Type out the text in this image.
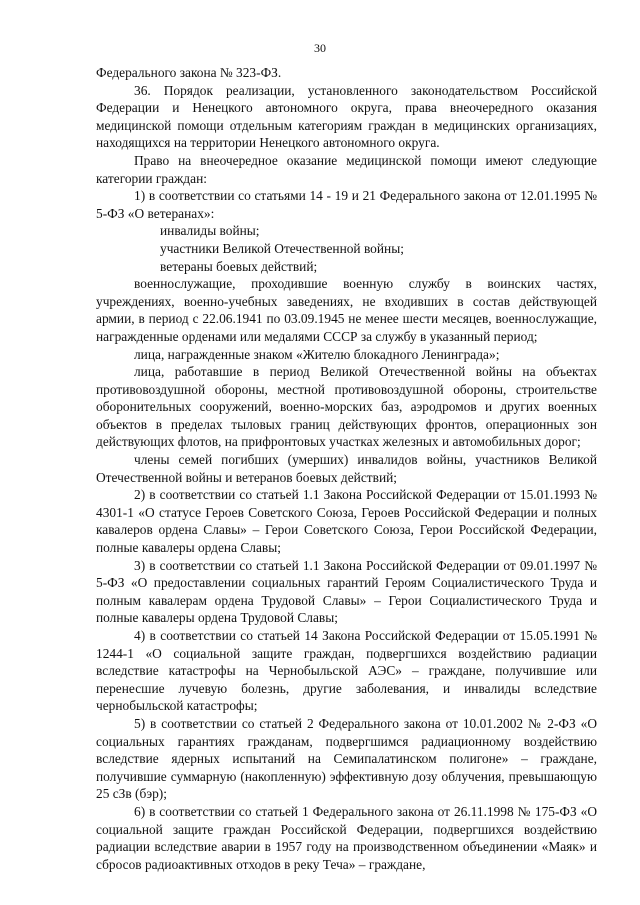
30

Федерального закона № 323-ФЗ.

36. Порядок реализации, установленного законодательством Российской Федерации и Ненецкого автономного округа, права внеочередного оказания медицинской помощи отдельным категориям граждан в медицинских организациях, находящихся на территории Ненецкого автономного округа.

Право на внеочередное оказание медицинской помощи имеют следующие категории граждан:

1) в соответствии со статьями 14 - 19 и 21 Федерального закона от 12.01.1995 № 5-ФЗ «О ветеранах»:

инвалиды войны;

участники Великой Отечественной войны;

ветераны боевых действий;

военнослужащие, проходившие военную службу в воинских частях, учреждениях, военно-учебных заведениях, не входивших в состав действующей армии, в период с 22.06.1941 по 03.09.1945 не менее шести месяцев, военнослужащие, награжденные орденами или медалями СССР за службу в указанный период;

лица, награжденные знаком «Жителю блокадного Ленинграда»;

лица, работавшие в период Великой Отечественной войны на объектах противовоздушной обороны, местной противовоздушной обороны, строительстве оборонительных сооружений, военно-морских баз, аэродромов и других военных объектов в пределах тыловых границ действующих фронтов, операционных зон действующих флотов, на прифронтовых участках железных и автомобильных дорог;

члены семей погибших (умерших) инвалидов войны, участников Великой Отечественной войны и ветеранов боевых действий;

2) в соответствии со статьей 1.1 Закона Российской Федерации от 15.01.1993 № 4301-1 «О статусе Героев Советского Союза, Героев Российской Федерации и полных кавалеров ордена Славы» – Герои Советского Союза, Герои Российской Федерации, полные кавалеры ордена Славы;

3) в соответствии со статьей 1.1 Закона Российской Федерации от 09.01.1997 № 5-ФЗ «О предоставлении социальных гарантий Героям Социалистического Труда и полным кавалерам ордена Трудовой Славы» – Герои Социалистического Труда и полные кавалеры ордена Трудовой Славы;

4) в соответствии со статьей 14 Закона Российской Федерации от 15.05.1991 № 1244-1 «О социальной защите граждан, подвергшихся воздействию радиации вследствие катастрофы на Чернобыльской АЭС» – граждане, получившие или перенесшие лучевую болезнь, другие заболевания, и инвалиды вследствие чернобыльской катастрофы;

5) в соответствии со статьей 2 Федерального закона от 10.01.2002 № 2-ФЗ «О социальных гарантиях гражданам, подвергшимся радиационному воздействию вследствие ядерных испытаний на Семипалатинском полигоне» – граждане, получившие суммарную (накопленную) эффективную дозу облучения, превышающую 25 сЗв (бэр);

6) в соответствии со статьей 1 Федерального закона от 26.11.1998 № 175-ФЗ «О социальной защите граждан Российской Федерации, подвергшихся воздействию радиации вследствие аварии в 1957 году на производственном объединении «Маяк» и сбросов радиоактивных отходов в реку Теча» – граждане,
